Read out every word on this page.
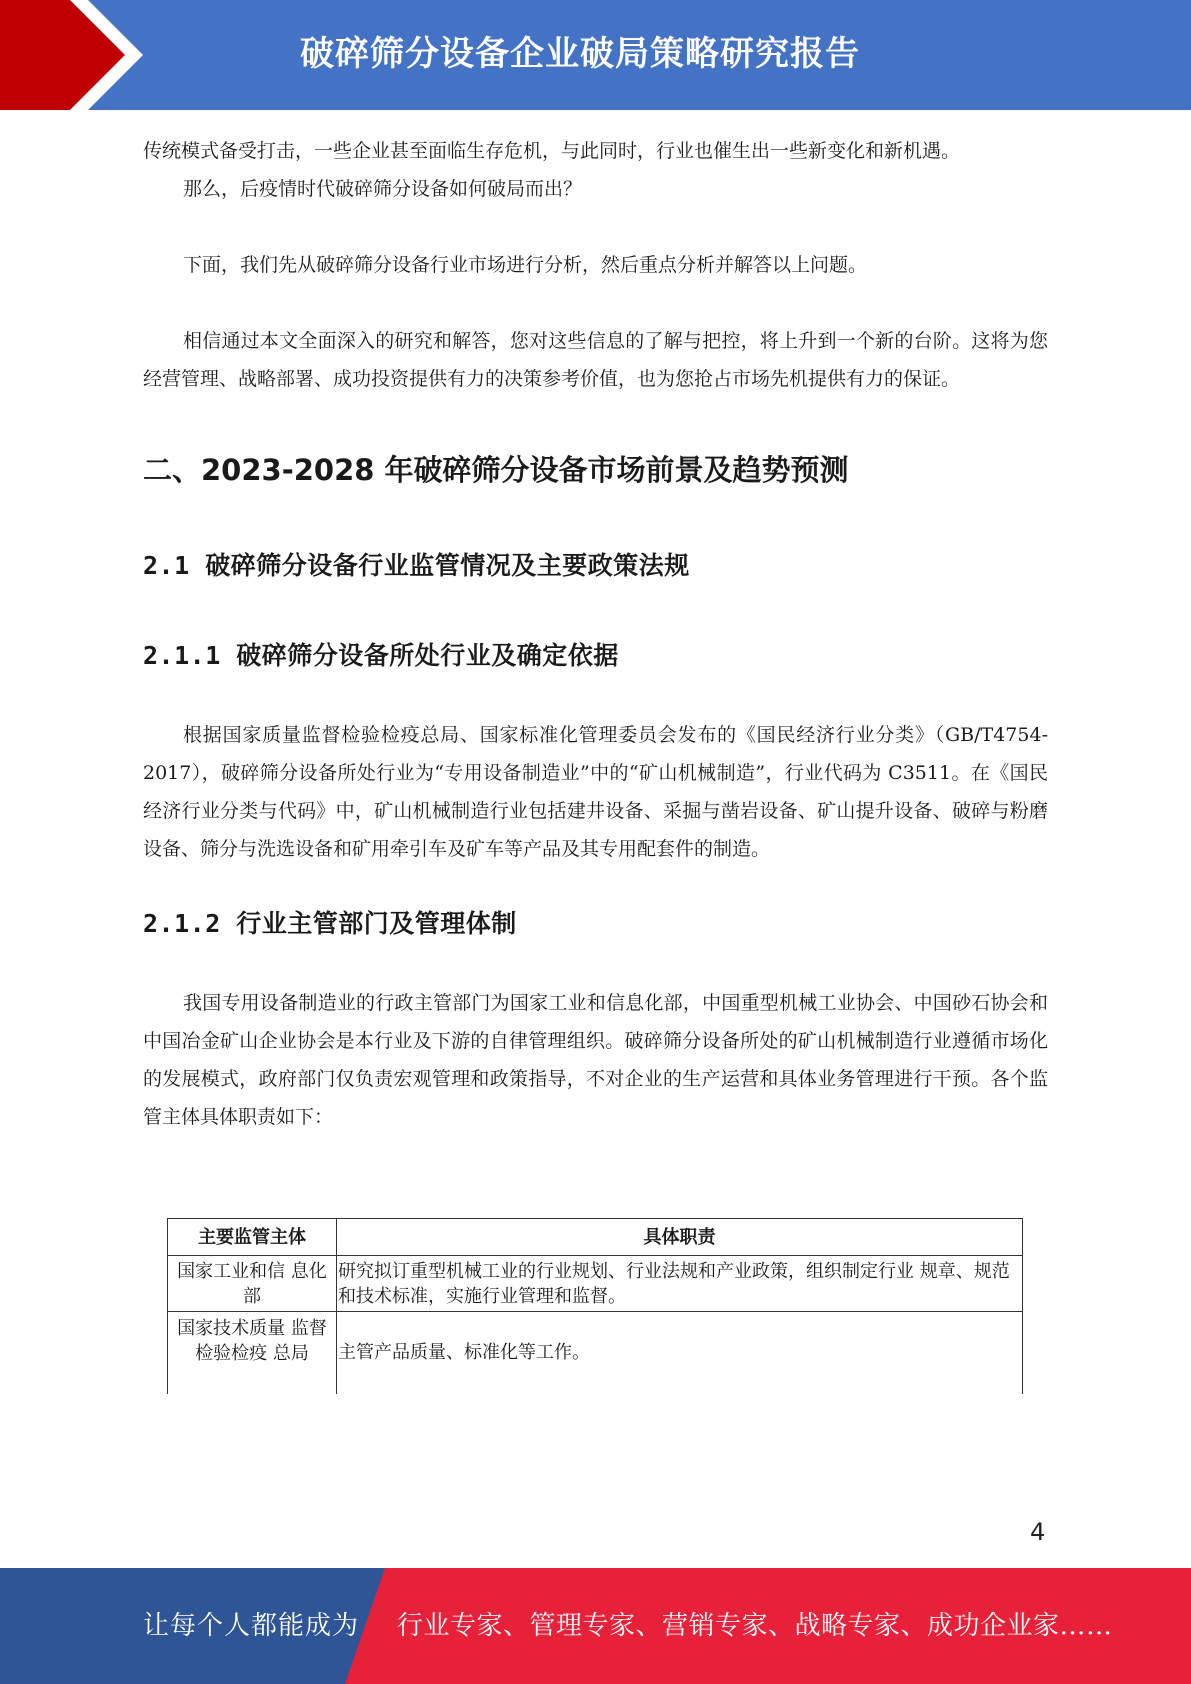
破碎筛分设备企业破局策略研究报告

传统模式备受打击，一些企业甚至面临生存危机，与此同时，行业也催生出一些新变化和新机遇。

那么，后疫情时代破碎筛分设备如何破局而出？

下面，我们先从破碎筛分设备行业市场进行分析，然后重点分析并解答以上问题。

相信通过本文全面深入的研究和解答，您对这些信息的了解与把控，将上升到一个新的台阶。这将为您经营管理、战略部署、成功投资提供有力的决策参考价值，也为您抢占市场先机提供有力的保证。

二、2023-2028 年破碎筛分设备市场前景及趋势预测
2.1 破碎筛分设备行业监管情况及主要政策法规
2.1.1 破碎筛分设备所处行业及确定依据

根据国家质量监督检验检疫总局、国家标准化管理委员会发布的《国民经济行业分类》（GB/T4754-2017），破碎筛分设备所处行业为“专用设备制造业”中的“矿山机械制造”，行业代码为 C3511。在《国民经济行业分类与代码》中，矿山机械制造行业包括建井设备、采掘与凿岩设备、矿山提升设备、破碎与粉磨设备、筛分与洗选设备和矿用牵引车及矿车等产品及其专用配套件的制造。

2.1.2 行业主管部门及管理体制

我国专用设备制造业的行政主管部门为国家工业和信息化部，中国重型机械工业协会、中国砂石协会和中国冶金矿山企业协会是本行业及下游的自律管理组织。破碎筛分设备所处的矿山机械制造行业遵循市场化的发展模式，政府部门仅负责宏观管理和政策指导，不对企业的生产运营和具体业务管理进行干预。各个监管主体具体职责如下：

主要监管主体	具体职责
国家工业和信 息化部	研究拟订重型机械工业的行业规划、行业法规和产业政策，组织制定行业 规章、规范和技术标准，实施行业管理和监督。
国家技术质量 监督检验检疫 总局	主管产品质量、标准化等工作。
4
让每个人都能成为 行业专家、管理专家、营销专家、战略专家、成功企业家……
